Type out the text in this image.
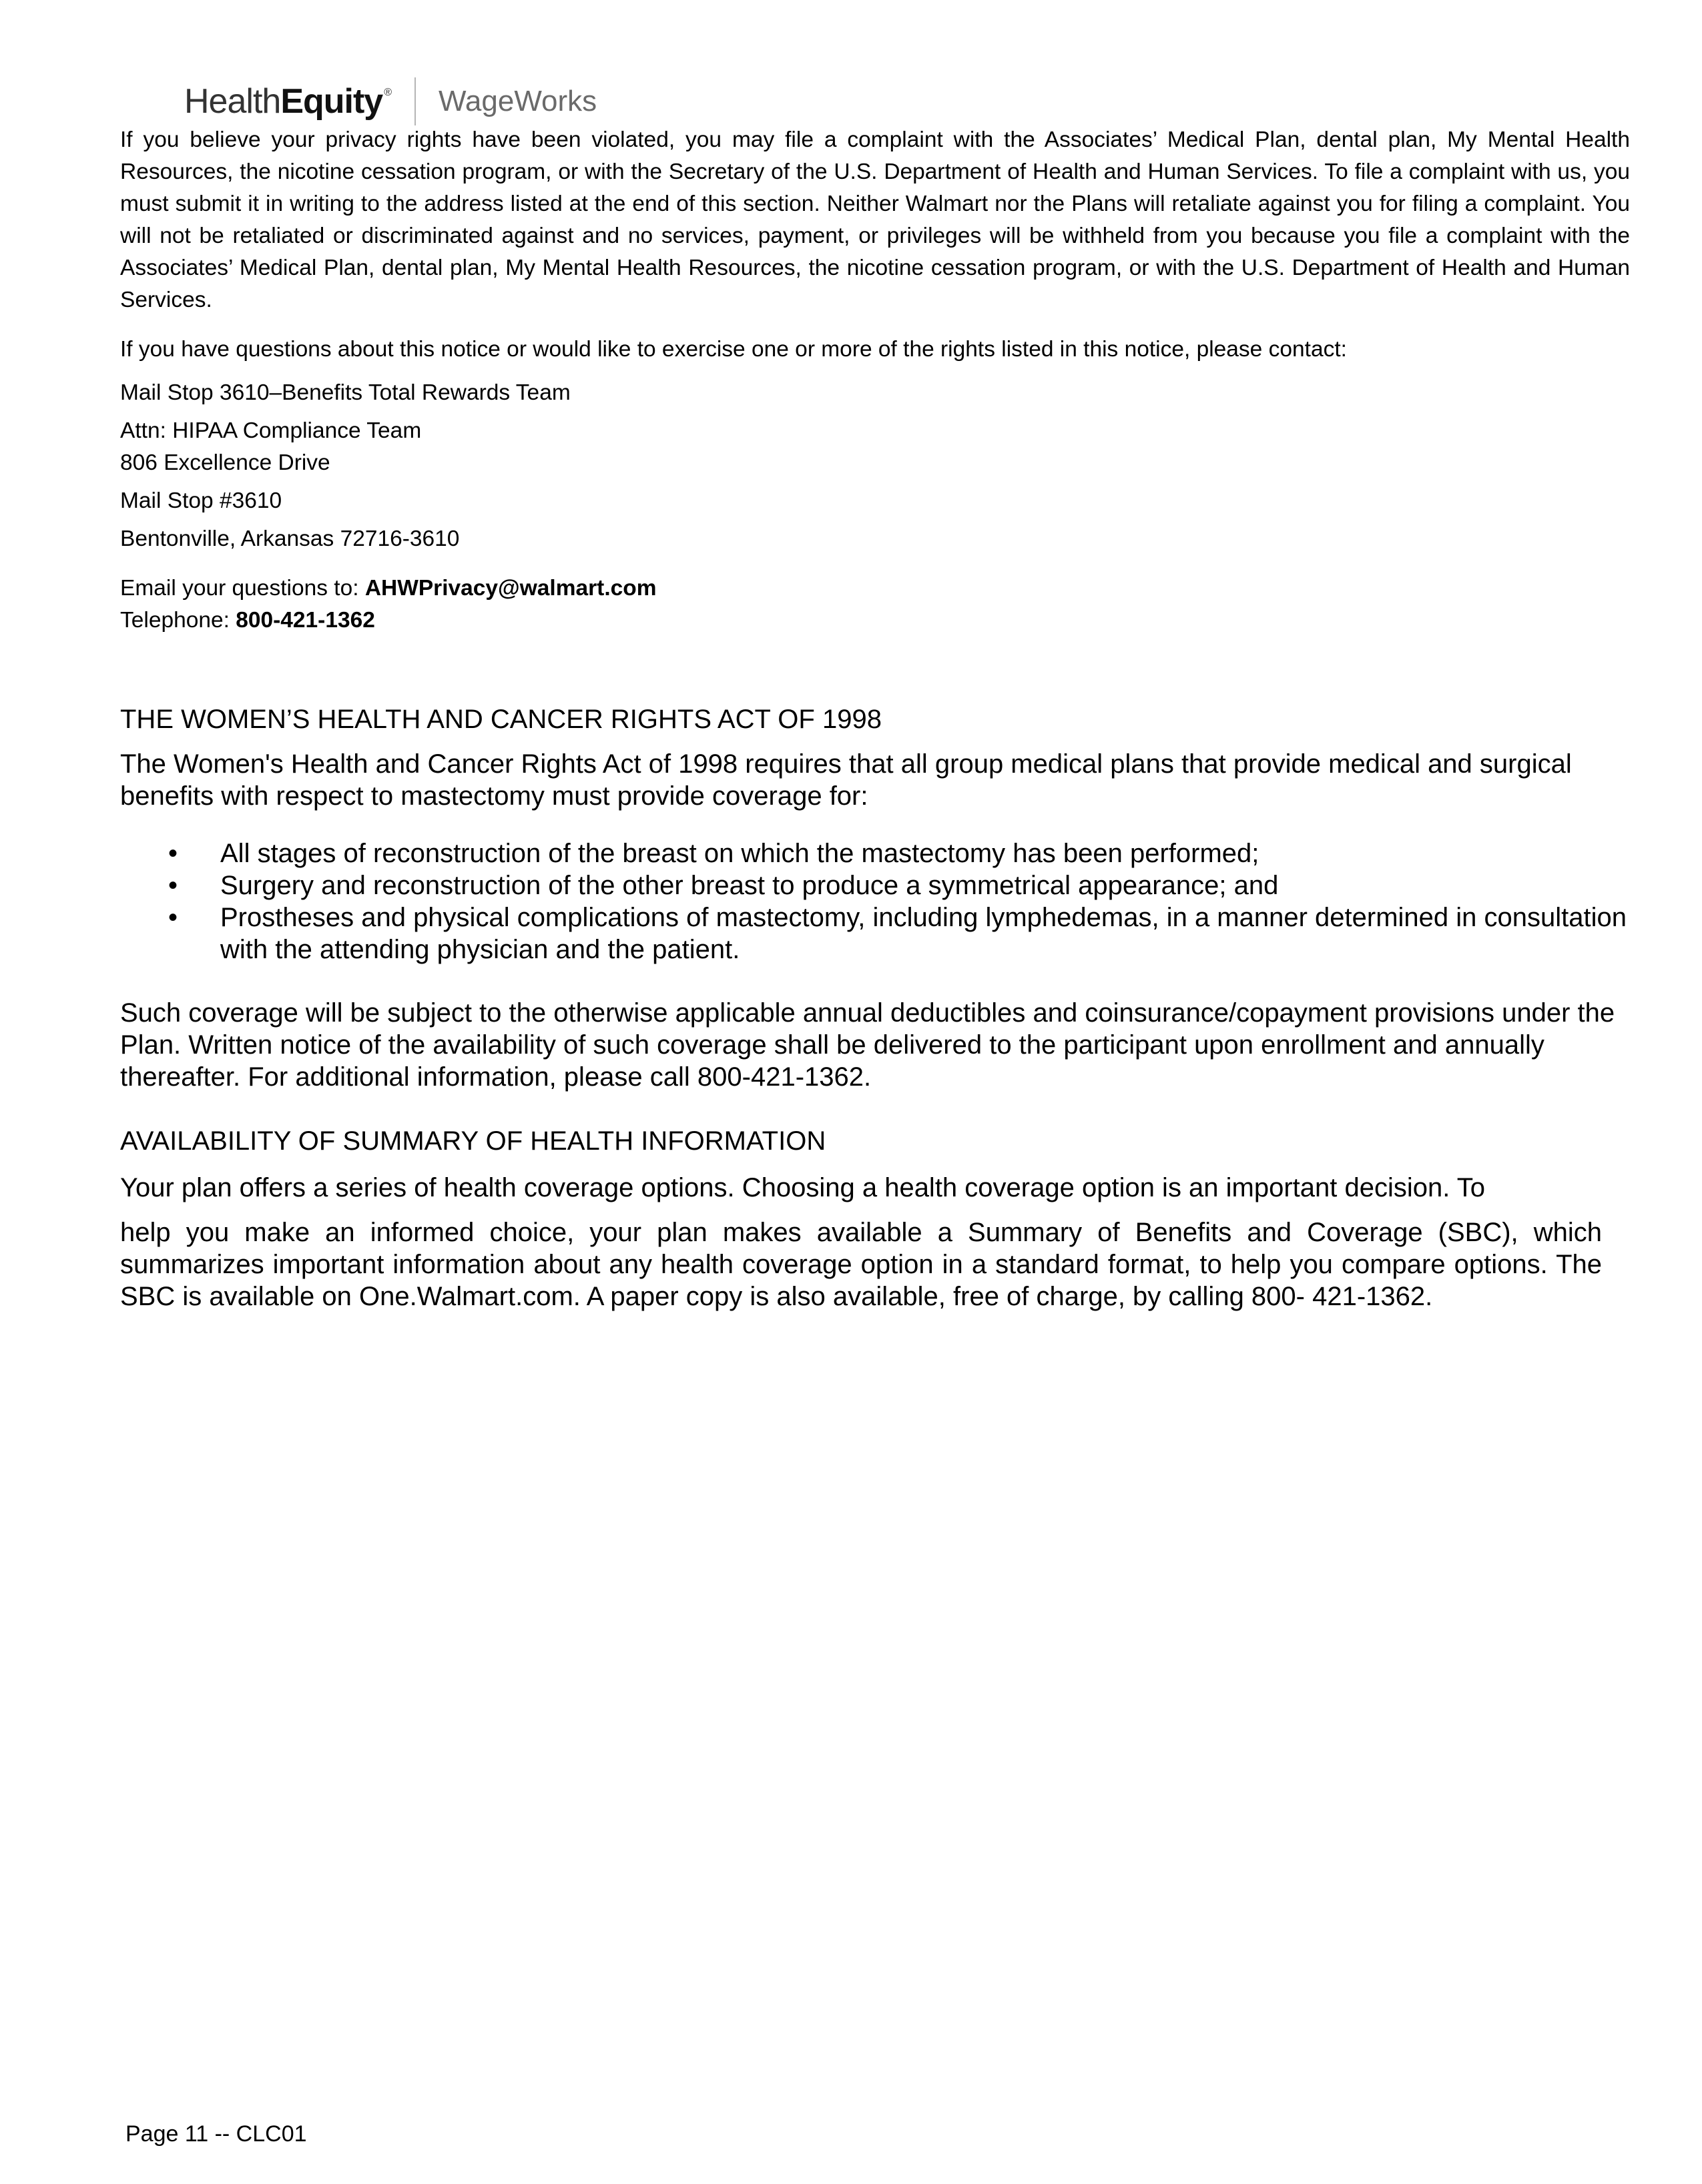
Health Equity ® WageWorks

If you believe your privacy rights have been violated, you may file a complaint with the Associates’ Medical Plan, dental plan, My Mental Health Resources, the nicotine cessation program, or with the Secretary of the U.S. Department of Health and Human Services. To file a complaint with us, you must submit it in writing to the address listed at the end of this section. Neither Walmart nor the Plans will retaliate against you for filing a complaint. You will not be retaliated or discriminated against and no services, payment, or privileges will be withheld from you because you file a complaint with the Associates’ Medical Plan, dental plan, My Mental Health Resources, the nicotine cessation program, or with the U.S. Department of Health and Human Services.

If you have questions about this notice or would like to exercise one or more of the rights listed in this notice, please contact:

Mail Stop 3610–Benefits Total Rewards Team

Attn: HIPAA Compliance Team

806 Excellence Drive

Mail Stop #3610

Bentonville, Arkansas 72716-3610

Email your questions to: AHWPrivacy@walmart.com

Telephone: 800-421-1362

THE WOMEN’S HEALTH AND CANCER RIGHTS ACT OF 1998

The Women's Health and Cancer Rights Act of 1998 requires that all group medical plans that provide medical and surgical benefits with respect to mastectomy must provide coverage for:

• All stages of reconstruction of the breast on which the mastectomy has been performed;
• Surgery and reconstruction of the other breast to produce a symmetrical appearance; and
• Prostheses and physical complications of mastectomy, including lymphedemas, in a manner determined in consultation with the attending physician and the patient.

Such coverage will be subject to the otherwise applicable annual deductibles and coinsurance/copayment provisions under the Plan. Written notice of the availability of such coverage shall be delivered to the participant upon enrollment and annually thereafter. For additional information, please call 800-421-1362.

AVAILABILITY OF SUMMARY OF HEALTH INFORMATION

Your plan offers a series of health coverage options. Choosing a health coverage option is an important decision. To

help you make an informed choice, your plan makes available a Summary of Benefits and Coverage (SBC), which summarizes important information about any health coverage option in a standard format, to help you compare options. The SBC is available on One.Walmart.com. A paper copy is also available, free of charge, by calling 800- 421-1362.

Page 11 -- CLC01
